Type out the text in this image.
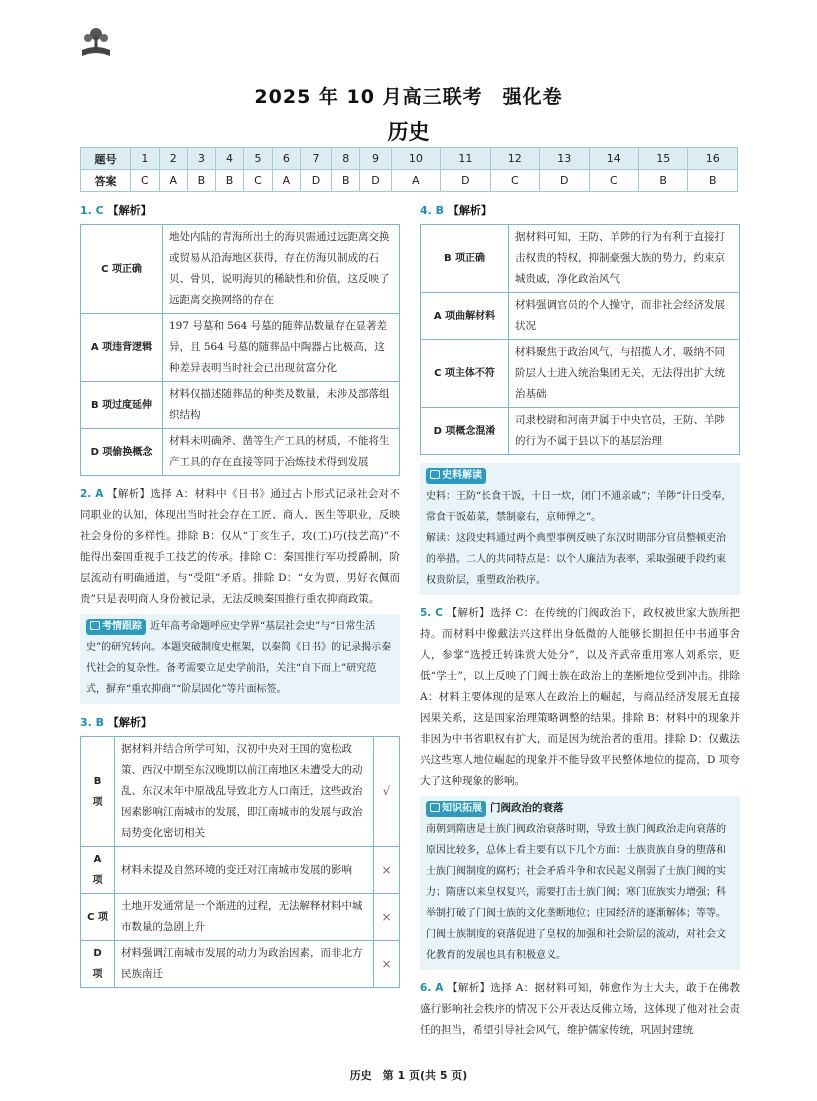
2025 年 10 月高三联考　强化卷
历史
题号	1	2	3	4	5	6	7	8	9	10	11	12	13	14	15	16
答案	C	A	B	B	C	A	D	B	D	A	D	C	D	C	B	B
1. C 【解析】
C 项正确	地处内陆的青海所出土的海贝需通过远距离交换或贸易从沿海地区获得，存在仿海贝制成的石贝、骨贝，说明海贝的稀缺性和价值，这反映了远距离交换网络的存在
A 项违背逻辑	197 号墓和 564 号墓的随葬品数量存在显著差异，且 564 号墓的随葬品中陶器占比极高，这种差异表明当时社会已出现贫富分化
B 项过度延伸	材料仅描述随葬品的种类及数量，未涉及部落组织结构
D 项偷换概念	材料未明确斧、凿等生产工具的材质，不能将生产工具的存在直接等同于冶炼技术得到发展
2. A 【解析】选择 A：材料中《日书》通过占卜形式记录社会对不同职业的认知，体现出当时社会存在工匠、商人、医生等职业，反映社会身份的多样性。排除 B：仅从“丁亥生子，攻(工)巧(技艺高)”不能得出秦国重视手工技艺的传承。排除 C：秦国推行军功授爵制，阶层流动有明确通道，与“受阻”矛盾。排除 D：“女为贾，男好衣佩而贵”只是表明商人身份被记录，无法反映秦国推行重农抑商政策。
考情跟踪 近年高考命题呼应史学界“基层社会史”与“日常生活史”的研究转向。本题突破制度史框架，以秦简《日书》的记录揭示秦代社会的复杂性。备考需要立足史学前沿，关注“自下而上”研究范式，摒弃“重农抑商”“阶层固化”等片面标签。
3. B 【解析】
B 项	据材料并结合所学可知，汉初中央对王国的宽松政策、西汉中期至东汉晚期以前江南地区未遭受大的动乱、东汉末年中原战乱导致北方人口南迁，这些政治因素影响江南城市的发展，即江南城市的发展与政治局势变化密切相关	√
A 项	材料未提及自然环境的变迁对江南城市发展的影响	×
C 项	土地开发通常是一个渐进的过程，无法解释材料中城市数量的急剧上升	×
D 项	材料强调江南城市发展的动力为政治因素，而非北方民族南迁	×
4. B 【解析】
B 项正确	据材料可知，王防、羊陟的行为有利于直接打击权贵的特权，抑制豪强大族的势力，约束京城贵戚，净化政治风气
A 项曲解材料	材料强调官员的个人操守，而非社会经济发展状况
C 项主体不符	材料聚焦于政治风气，与招揽人才，吸纳不同阶层人士进入统治集团无关，无法得出扩大统治基础
D 项概念混淆	司隶校尉和河南尹属于中央官员，王防、羊陟的行为不属于县以下的基层治理
史料解读
史料：王防“长食干饭，十日一炊，闭门不通亲戚”；羊陟“计日受奉，常食干饭茹菜，禁制豪右，京师惮之”。
解读：这段史料通过两个典型事例反映了东汉时期部分官员整顿吏治的举措。二人的共同特点是：以个人廉洁为表率，采取强硬手段约束权贵阶层，重塑政治秩序。
5. C 【解析】选择 C：在传统的门阀政治下，政权被世家大族所把持。而材料中像戴法兴这样出身低微的人能够长期担任中书通事舍人，参掌“选授迁转诛赏大处分”，以及齐武帝重用寒人刘系宗，贬低“学士”，以上反映了门阀士族在政治上的垄断地位受到冲击。排除 A：材料主要体现的是寒人在政治上的崛起，与商品经济发展无直接因果关系，这是国家治理策略调整的结果。排除 B：材料中的现象并非因为中书省职权有扩大，而是因为统治者的重用。排除 D：仅戴法兴这些寒人地位崛起的现象并不能导致平民整体地位的提高，D 项夸大了这种现象的影响。
知识拓展 门阀政治的衰落
南朝到隋唐是士族门阀政治衰落时期，导致士族门阀政治走向衰落的原因比较多，总体上看主要有以下几个方面：士族贵族自身的堕落和士族门阀制度的腐朽；社会矛盾斗争和农民起义削弱了士族门阀的实力；隋唐以来皇权复兴，需要打击士族门阀；寒门庶族实力增强；科举制打破了门阀士族的文化垄断地位；庄园经济的逐渐解体；等等。门阀士族制度的衰落促进了皇权的加强和社会阶层的流动，对社会文化教育的发展也具有积极意义。
6. A 【解析】选择 A：据材料可知，韩愈作为士大夫，敢于在佛教盛行影响社会秩序的情况下公开表达反佛立场，这体现了他对社会责任的担当，希望引导社会风气，维护儒家传统，巩固封建统
历史　第 1 页(共 5 页)
